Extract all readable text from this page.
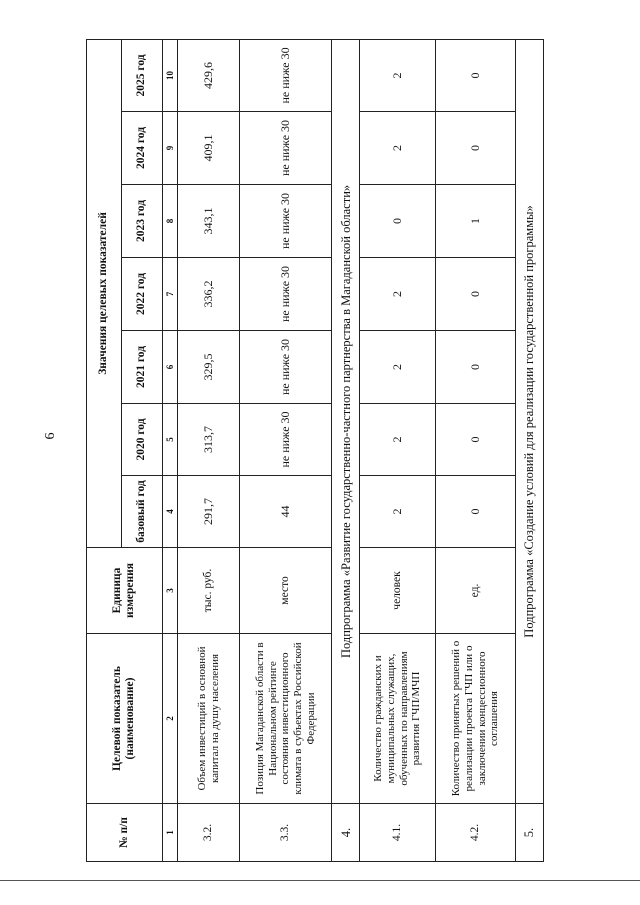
6
№ п/п	Целевой показатель (наименование)	Единица измерения	Значения целевых показателей						
			базовый год	2020 год	2021 год	2022 год	2023 год	2024 год	2025 год
1	2	3	4	5	6	7	8	9	10
3.2.	Объем инвестиций в основной капитал на душу населения	тыс. руб.	291,7	313,7	329,5	336,2	343,1	409,1	429,6
3.3.	Позиция Магаданской области в Национальном рейтинге состояния инвестиционного климата в субъектах Российской Федерации	место	44	не ниже 30	не ниже 30	не ниже 30	не ниже 30	не ниже 30	не ниже 30
4.	Подпрограмма «Развитие государственно-частного партнерства в Магаданской области»								
4.1.	Количество гражданских и муниципальных служащих, обученных по направлениям развития ГЧП/МЧП	человек	2	2	2	2	0	2	2
4.2.	Количество принятых решений о реализации проекта ГЧП или о заключении концессионного соглашения	ед.	0	0	0	0	1	0	0
5.	Подпрограмма «Создание условий для реализации государственной программы»								
